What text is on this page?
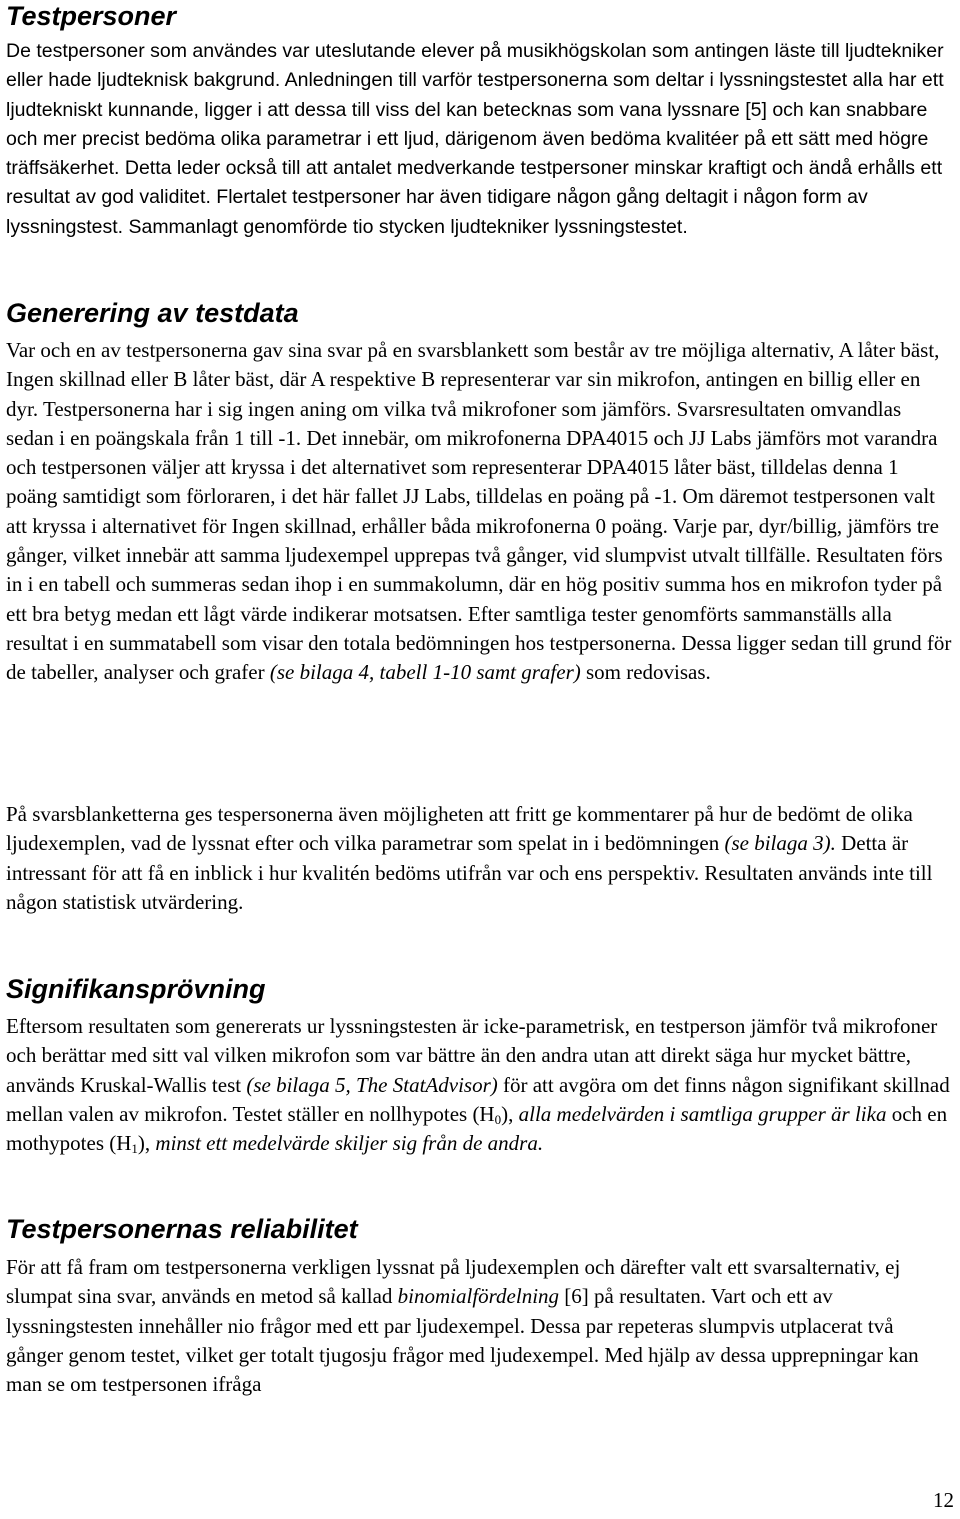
Testpersoner

De testpersoner som användes var uteslutande elever på musikhögskolan som antingen läste till ljudtekniker eller hade ljudteknisk bakgrund. Anledningen till varför testpersonerna som deltar i lyssningstestet alla har ett ljudtekniskt kunnande, ligger i att dessa till viss del kan betecknas som vana lyssnare [5] och kan snabbare och mer precist bedöma olika parametrar i ett ljud, därigenom även bedöma kvalitéer på ett sätt med högre träffsäkerhet. Detta leder också till att antalet medverkande testpersoner minskar kraftigt och ändå erhålls ett resultat av god validitet. Flertalet testpersoner har även tidigare någon gång deltagit i någon form av lyssningstest. Sammanlagt genomförde tio stycken ljudtekniker lyssningstestet.

Generering av testdata

Var och en av testpersonerna gav sina svar på en svarsblankett som består av tre möjliga alternativ, A låter bäst, Ingen skillnad eller B låter bäst, där A respektive B representerar var sin mikrofon, antingen en billig eller en dyr. Testpersonerna har i sig ingen aning om vilka två mikrofoner som jämförs. Svarsresultaten omvandlas sedan i en poängskala från 1 till -1. Det innebär, om mikrofonerna DPA4015 och JJ Labs jämförs mot varandra och testpersonen väljer att kryssa i det alternativet som representerar DPA4015 låter bäst, tilldelas denna 1 poäng samtidigt som förloraren, i det här fallet JJ Labs, tilldelas en poäng på -1. Om däremot testpersonen valt att kryssa i alternativet för Ingen skillnad, erhåller båda mikrofonerna 0 poäng. Varje par, dyr/billig, jämförs tre gånger, vilket innebär att samma ljudexempel upprepas två gånger, vid slumpvist utvalt tillfälle. Resultaten förs in i en tabell och summeras sedan ihop i en summakolumn, där en hög positiv summa hos en mikrofon tyder på ett bra betyg medan ett lågt värde indikerar motsatsen. Efter samtliga tester genomförts sammanställs alla resultat i en summatabell som visar den totala bedömningen hos testpersonerna. Dessa ligger sedan till grund för de tabeller, analyser och grafer (se bilaga 4, tabell 1-10 samt grafer) som redovisas.

På svarsblanketterna ges tespersonerna även möjligheten att fritt ge kommentarer på hur de bedömt de olika ljudexemplen, vad de lyssnat efter och vilka parametrar som spelat in i bedömningen (se bilaga 3). Detta är intressant för att få en inblick i hur kvalitén bedöms utifrån var och ens perspektiv. Resultaten används inte till någon statistisk utvärdering.

Signifikansprövning

Eftersom resultaten som genererats ur lyssningstesten är icke-parametrisk, en testperson jämför två mikrofoner och berättar med sitt val vilken mikrofon som var bättre än den andra utan att direkt säga hur mycket bättre, används Kruskal-Wallis test (se bilaga 5, The StatAdvisor) för att avgöra om det finns någon signifikant skillnad mellan valen av mikrofon. Testet ställer en nollhypotes $(H_0)$, alla medelvärden i samtliga grupper är lika och en mothypotes $(H_1)$, minst ett medelvärde skiljer sig från de andra.

Testpersonernas reliabilitet

För att få fram om testpersonerna verkligen lyssnat på ljudexemplen och därefter valt ett svarsalternativ, ej slumpat sina svar, används en metod så kallad binomialfördelning [6] på resultaten. Vart och ett av lyssningstesten innehåller nio frågor med ett par ljudexempel. Dessa par repeteras slumpvis utplacerat två gånger genom testet, vilket ger totalt tjugosju frågor med ljudexempel. Med hjälp av dessa upprepningar kan man se om testpersonen ifråga

12
